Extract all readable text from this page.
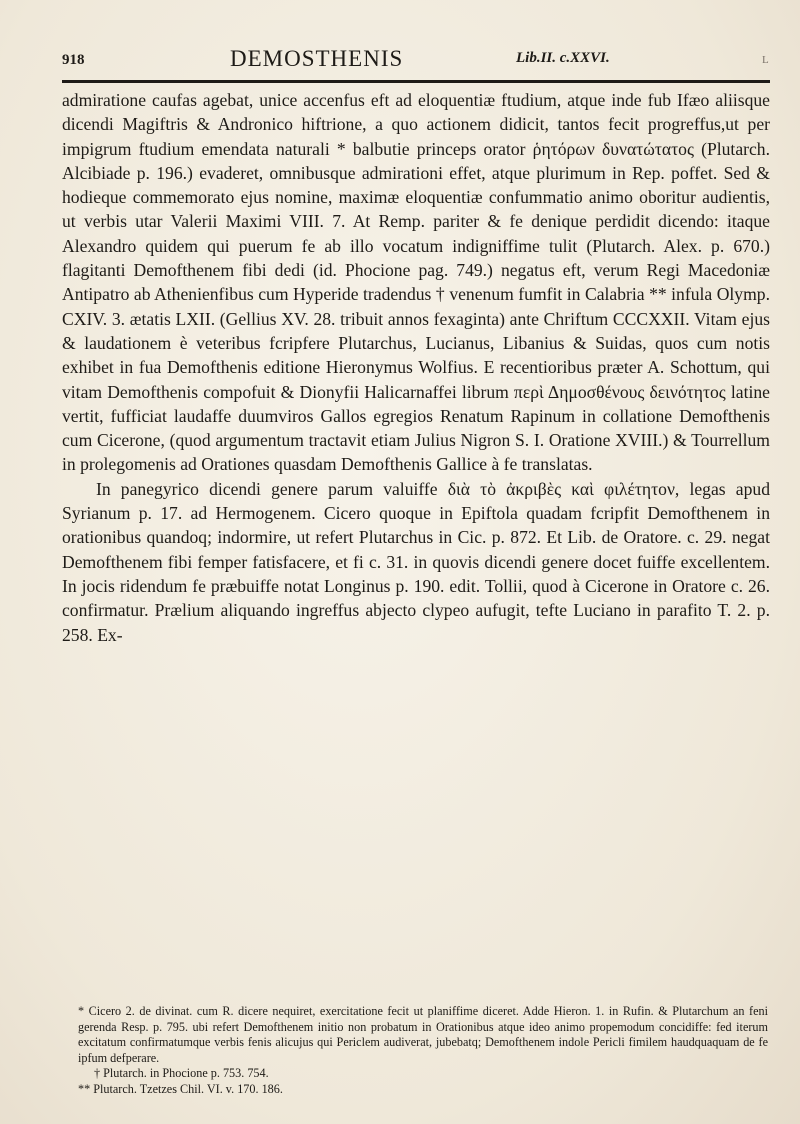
918	DEMOSTHENIS	Lib.II. c.XXVI.	L

admiratione caufas agebat, unice accenfus eft ad eloquentiæ ftudium, atque inde fub Ifæo aliisque dicendi Magiftris & Andronico hiftrione, a quo actionem didicit, tantos fecit progreffus,ut per impigrum ftudium emendata naturali * balbutie princeps orator ῥητόρων δυνατώτατος (Plutarch. Alcibiade p. 196.) evaderet, omnibusque admirationi effet, atque plurimum in Rep. poffet. Sed & hodieque commemorato ejus nomine, maximæ eloquentiæ confummatio animo oboritur audientis, ut verbis utar Valerii Maximi VIII. 7. At Remp. pariter & fe denique perdidit dicendo: itaque Alexandro quidem qui puerum fe ab illo vocatum indigniffime tulit (Plutarch. Alex. p. 670.) flagitanti Demofthenem fibi dedi (id. Phocione pag. 749.) negatus eft, verum Regi Macedoniæ Antipatro ab Athenienfibus cum Hyperide tradendus † venenum fumfit in Calabria ** infula Olymp. CXIV. 3. ætatis LXII. (Gellius XV. 28. tribuit annos fexaginta) ante Chriftum CCCXXII. Vitam ejus & laudationem è veteribus fcripfere Plutarchus, Lucianus, Libanius & Suidas, quos cum notis exhibet in fua Demofthenis editione Hieronymus Wolfius. E recentioribus præter A. Schottum, qui vitam Demofthenis compofuit & Dionyfii Halicarnaffei librum περὶ Δημοσθένους δεινότητος latine vertit, fufficiat laudaffe duumviros Gallos egregios Renatum Rapinum in collatione Demofthenis cum Cicerone, (quod argumentum tractavit etiam Julius Nigron S. I. Oratione XVIII.) & Tourrellum in prolegomenis ad Orationes quasdam Demofthenis Gallice à fe translatas.

In panegyrico dicendi genere parum valuiffe διὰ τὸ ἀκριβὲς καὶ φιλέτητον, legas apud Syrianum p. 17. ad Hermogenem. Cicero quoque in Epiftola quadam fcripfit Demofthenem in orationibus quandoq; indormire, ut refert Plutarchus in Cic. p. 872. Et Lib. de Oratore. c. 29. negat Demofthenem fibi femper fatisfacere, et fi c. 31. in quovis dicendi genere docet fuiffe excellentem. In jocis ridendum fe præbuiffe notat Longinus p. 190. edit. Tollii, quod à Cicerone in Oratore c. 26. confirmatur. Prælium aliquando ingreffus abjecto clypeo aufugit, tefte Luciano in parafito T. 2. p. 258. Ex-

* Cicero 2. de divinat. cum R. dicere nequiret, exercitatione fecit ut planiffime diceret. Adde Hieron. 1. in Rufin. & Plutarchum an feni gerenda Resp. p. 795. ubi refert Demofthenem initio non probatum in Orationibus atque ideo animo propemodum concidiffe: fed iterum excitatum confirmatumque verbis fenis alicujus qui Periclem audiverat, jubebatq; Demofthenem indole Pericli fimilem haudquaquam de fe ipfum defperare.

† Plutarch. in Phocione p. 753. 754.

** Plutarch. Tzetzes Chil. VI. v. 170. 186.
